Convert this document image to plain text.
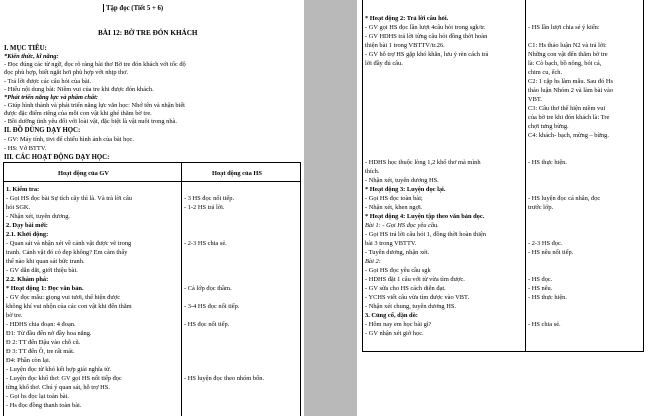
Tập đọc (Tiết 5 + 6)
BÀI 12: BỜ TRE ĐÓN KHÁCH
I. MỤC TIÊU:
*Kiến thức, kĩ năng:
- Đọc đúng các từ ngữ, đọc rõ ràng bài thơ Bờ tre đón khách với tốc độ
đọc phù hợp, biết ngắt hơi phù hợp với nhịp thơ.
- Trả lời được các câu hỏi của bài.
- Hiểu nội dung bài: Niềm vui của tre khi được đón khách.
*Phát triển năng lực và phẩm chất:
- Giúp hình thành và phát triển năng lực văn học: Nhớ tên và nhận biết
được đặc điểm riêng của mỗi con vật khi ghé thăm bờ tre.
- Bồi dưỡng tình yêu đối với loài vật, đặc biệt là vật nuôi trong nhà.
II. ĐỒ DÙNG DẠY HỌC:
- GV: Máy tính, tivi để chiếu hình ảnh của bài học.
- HS: Vở BTTV.
III. CÁC HOẠT ĐỘNG DẠY HỌC:
Hoạt động của GV	Hoạt động của HS
1. Kiểm tra:
- Gọi HS đọc bài Sự tích cây thì là. Và trả lời câu
hỏi SGK.
- Nhận xét, tuyên dương.
2. Dạy bài mới:
2.1. Khởi động:
- Quan sát và nhận xét về cảnh vật được vẽ trong
tranh. Cảnh vật đó có đẹp không? Em cảm thấy
thế nào khi quan sát bức tranh.
- GV dẫn dắt, giới thiệu bài.
2.2. Khám phá:
* Hoạt động 1: Đọc văn bản.
- GV đọc mẫu: giọng vui tươi, thể hiện được
không khí vui nhộn của các con vật khi đến thăm
bờ tre.
- HDHS chia đoạn: 4 đoạn.
Đ1: Từ đầu đến nở đầy hoa nắng.
Đ 2: TT đến Đậu vào chỗ cũ.
Đ 3: TT đến Ồ, tre rất mát.
Đ4: Phần còn lại.
- Luyện đọc từ khó kết hợp giải nghĩa từ.
- Luyện đọc khổ thơ: GV gọi HS nối tiếp đọc
từng khổ thơ. Chú ý quan sát, hỗ trợ HS.
- Gọi hs đọc lại toàn bài.
- Hs đọc đồng thanh toàn bài.
- 3 HS đọc nối tiếp.
- 1-2 HS trả lời.
- 2-3 HS chia sẻ.
- Cả lớp đọc thầm.
- 3-4 HS đọc nối tiếp.
- HS đọc nối tiếp.
- HS luyện đọc theo nhóm bốn.
* Hoạt động 2: Trả lời câu hỏi.
- GV gọi HS đọc lần lượt 4câu hỏi trong sgk/tr.
- GV HDHS trả lời từng câu hỏi đồng thời hoàn
thiện bài 1 trong VBTTV/tr.26.
- GV hỗ trợ HS gặp khó khăn, lưu ý rèn cách trả
lời đầy đủ câu.
- HDHS học thuộc lòng 1,2 khổ thơ mà mình
thích.
- Nhận xét, tuyên dương HS.
* Hoạt động 3: Luyện đọc lại.
- Gọi HS đọc toàn bài;
- Nhận xét, khen ngợi.
* Hoạt động 4: Luyện tập theo văn bản đọc.
Bài 1: - Gọi HS đọc yêu cầu.
- Gọi HS trả lời câu hỏi 1, đồng thời hoàn thiện
bài 3 trong VBTTV.
- Tuyên dương, nhận xét.
Bài 2:
- Gọi HS đọc yêu cầu sgk
- HDHS đặt 1 câu với từ vừa tìm được.
- GV sửa cho HS cách diễn đạt.
- YCHS viết câu vừa tìm được vào VBT.
- Nhận xét chung, tuyên dương HS.
3. Củng cố, dặn dò:
- Hôm nay em học bài gì?
- GV nhận xét giờ học.
- HS lần lượt chia sẻ ý kiến:
C1: Hs thảo luận N2 và trả lời:
Những con vật đến thăm bờ tre
là: Cò bạch, bồ nông, bói cá,
chim cu, ếch.
C2: 1 cặp hs làm mẫu. Sau đó Hs
thảo luận Nhóm 2 và làm bài vào
VBT.
C3: Câu thơ thể hiện niềm vui
của bờ tre khi đón khách là: Tre
chợt tưng bừng.
C4: khách- bạch, mừng – bừng.
- HS thực hiện.
- HS luyện đọc cá nhân, đọc
trước lớp.
- 2-3 HS đọc.
- HS nêu nối tiếp.
- HS đọc.
- HS nêu.
- HS thực hiện.
- HS chia sẻ.
